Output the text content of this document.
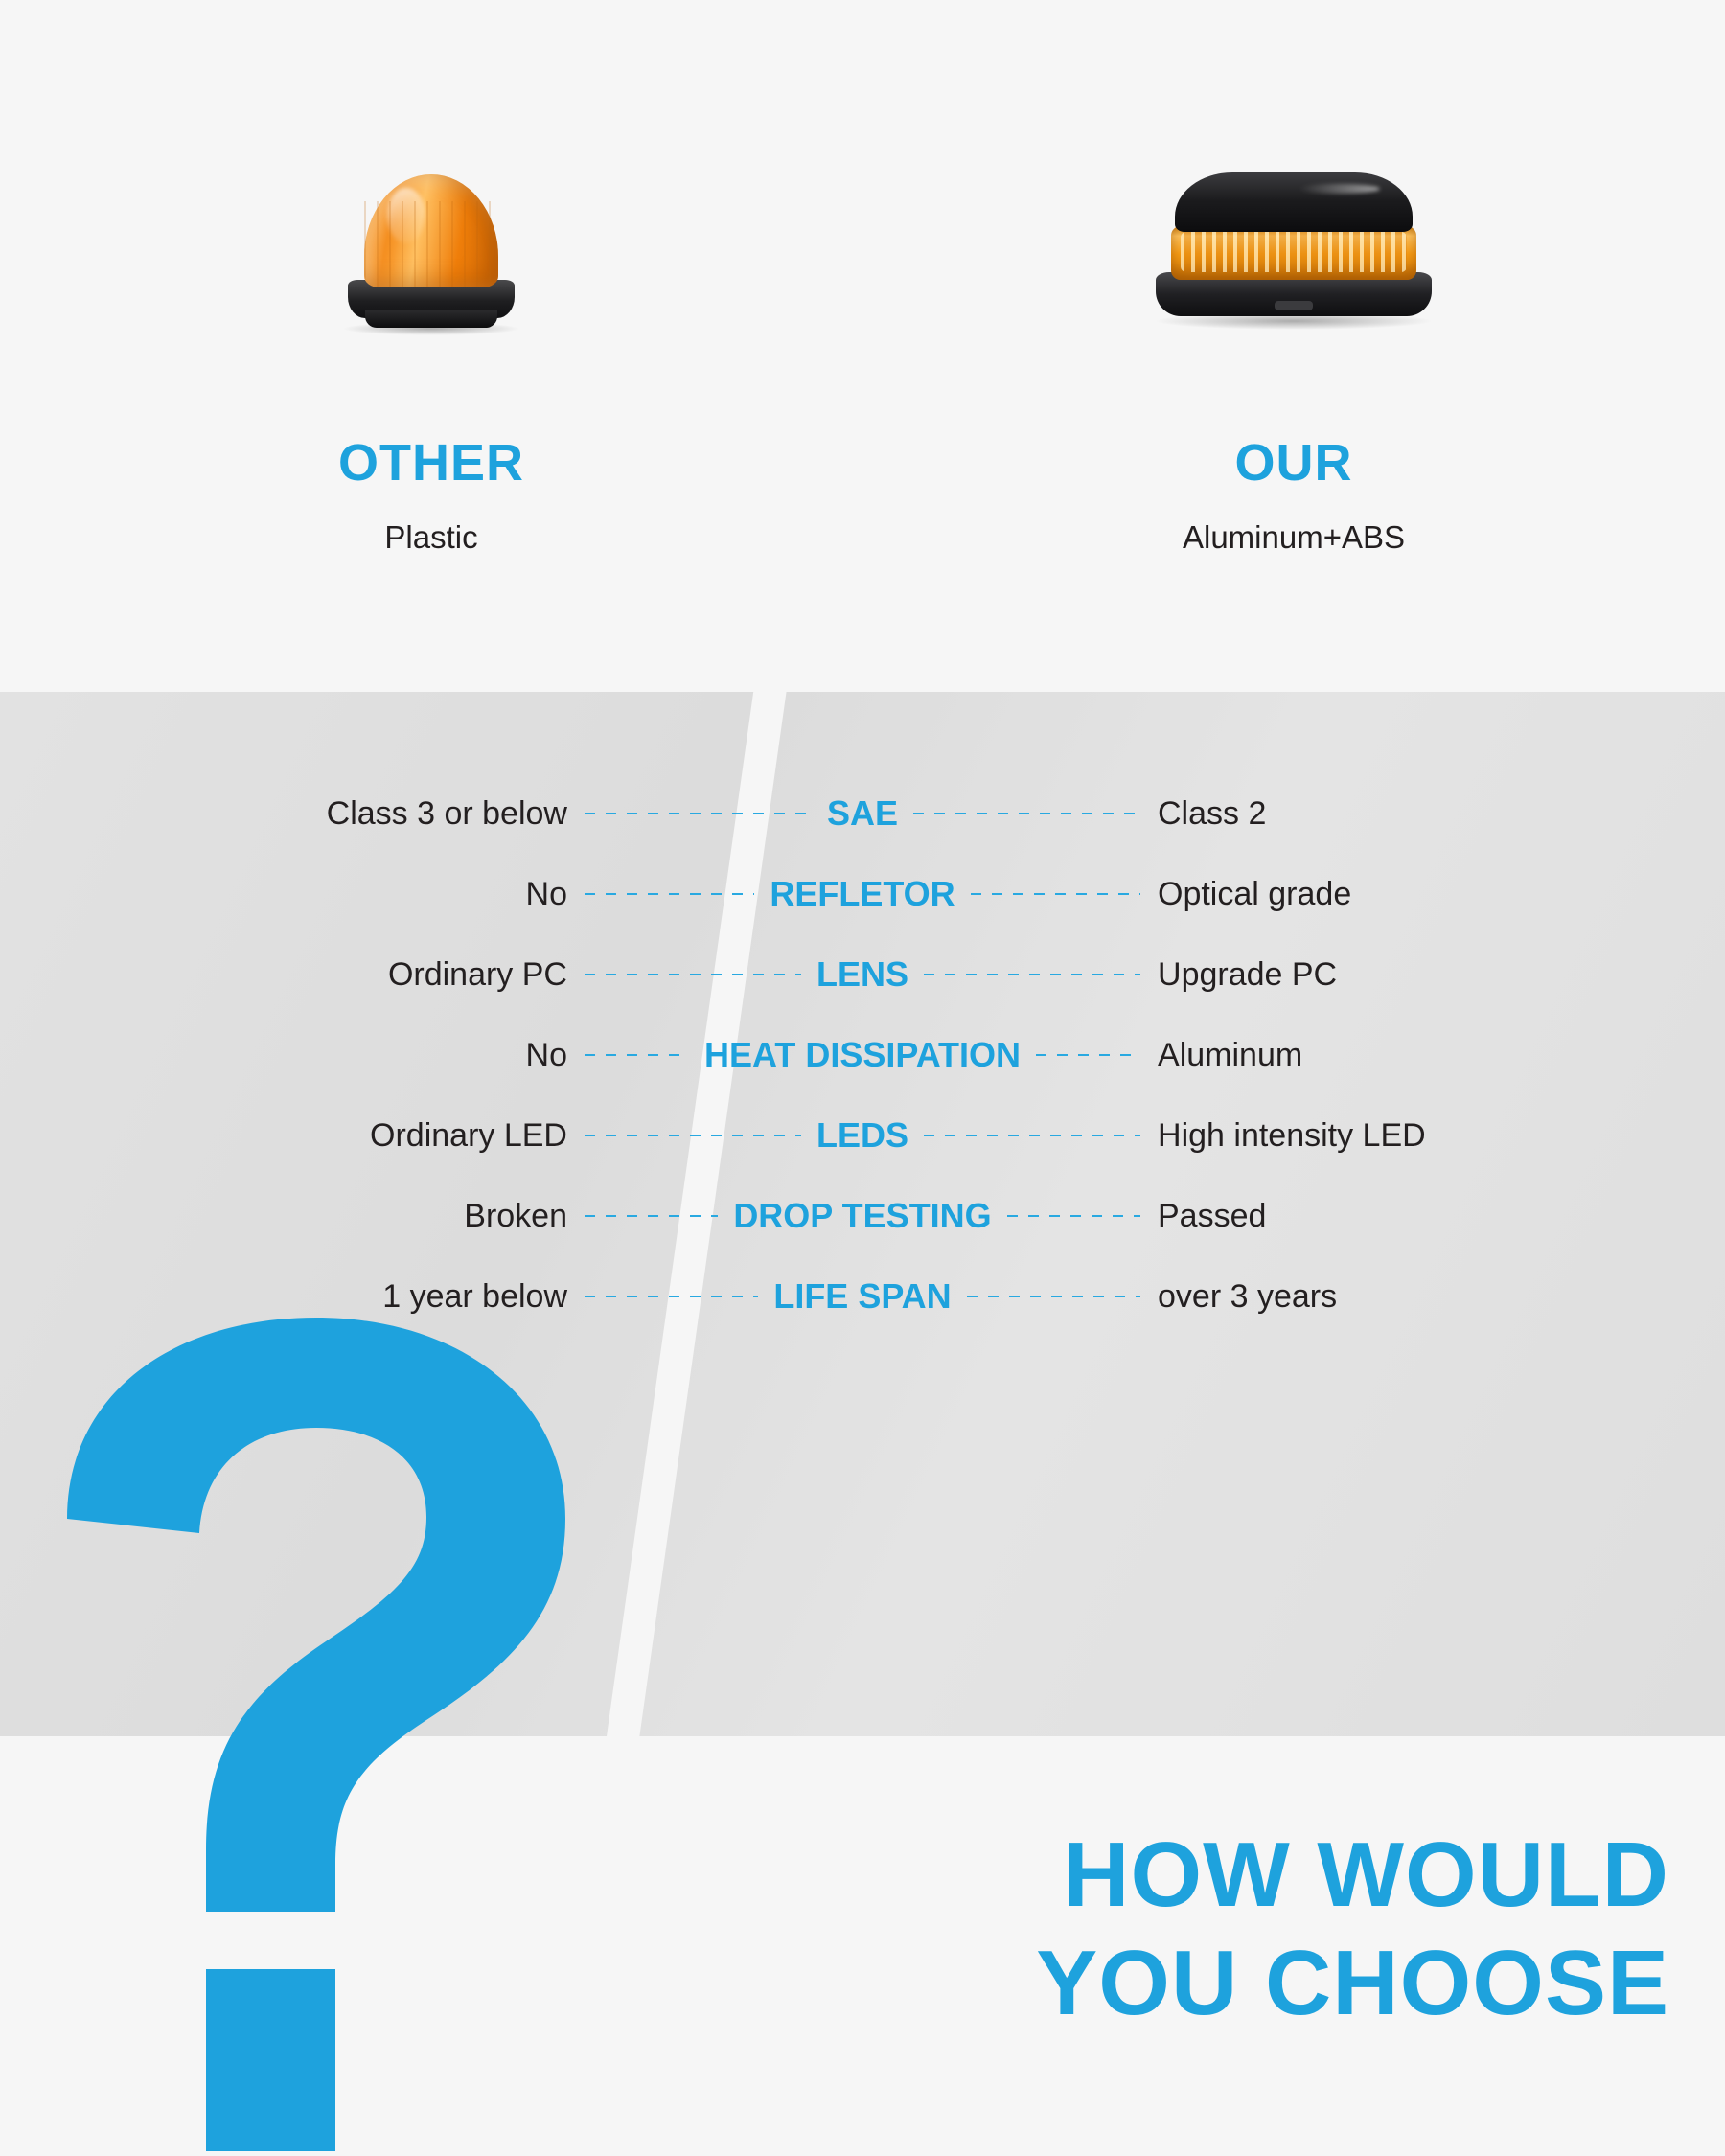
OTHER
Plastic
OUR
Aluminum+ABS
Class 3 or below	SAE	Class 2
No	REFLETOR	Optical grade
Ordinary PC	LENS	Upgrade PC
No	HEAT DISSIPATION	Aluminum
Ordinary LED	LEDS	High intensity LED
Broken	DROP TESTING	Passed
1 year below	LIFE SPAN	over 3 years
HOW WOULD
YOU CHOOSE
